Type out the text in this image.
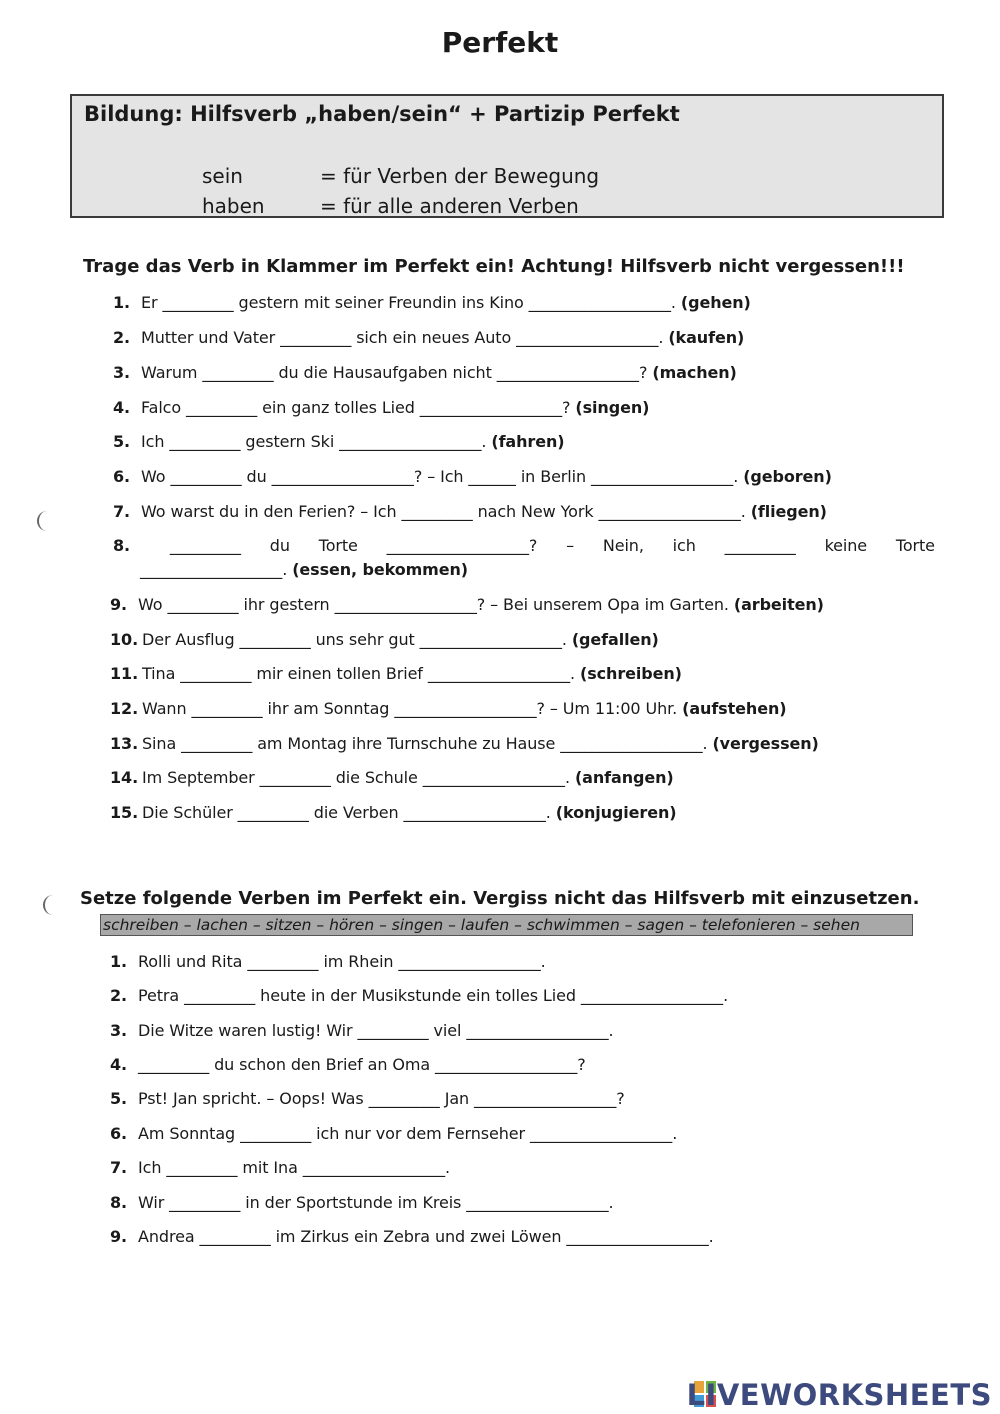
Perfekt
Bildung: Hilfsverb „haben/sein“ + Partizip Perfekt
sein	= für Verben der Bewegung
haben	= für alle anderen Verben
Trage das Verb in Klammer im Perfekt ein! Achtung! Hilfsverb nicht vergessen!!!
1. Er _________ gestern mit seiner Freundin ins Kino __________________. (gehen)
2. Mutter und Vater _________ sich ein neues Auto __________________. (kaufen)
3. Warum _________ du die Hausaufgaben nicht __________________? (machen)
4. Falco _________ ein ganz tolles Lied __________________? (singen)
5. Ich _________ gestern Ski __________________. (fahren)
6. Wo _________ du __________________? – Ich ______ in Berlin __________________. (geboren)
7. Wo warst du in den Ferien? – Ich _________ nach New York __________________. (fliegen)
8.	_________ du Torte __________________? – Nein, ich _________ keine Torte
__________________. (essen, bekommen)
9. Wo _________ ihr gestern __________________? – Bei unserem Opa im Garten. (arbeiten)
10. Der Ausflug _________ uns sehr gut __________________. (gefallen)
11. Tina _________ mir einen tollen Brief __________________. (schreiben)
12. Wann _________ ihr am Sonntag __________________? – Um 11:00 Uhr. (aufstehen)
13. Sina _________ am Montag ihre Turnschuhe zu Hause __________________. (vergessen)
14. Im September _________ die Schule __________________. (anfangen)
15. Die Schüler _________ die Verben __________________. (konjugieren)
Setze folgende Verben im Perfekt ein. Vergiss nicht das Hilfsverb mit einzusetzen.
schreiben – lachen – sitzen – hören – singen – laufen – schwimmen – sagen – telefonieren – sehen
1. Rolli und Rita _________ im Rhein __________________.
2. Petra _________ heute in der Musikstunde ein tolles Lied __________________.
3. Die Witze waren lustig! Wir _________ viel __________________.
4. _________ du schon den Brief an Oma __________________?
5. Pst! Jan spricht. – Oops! Was _________ Jan __________________?
6. Am Sonntag _________ ich nur vor dem Fernseher __________________.
7. Ich _________ mit Ina __________________.
8. Wir _________ in der Sportstunde im Kreis __________________.
9. Andrea _________ im Zirkus ein Zebra und zwei Löwen __________________.
LIVEWORKSHEETS
